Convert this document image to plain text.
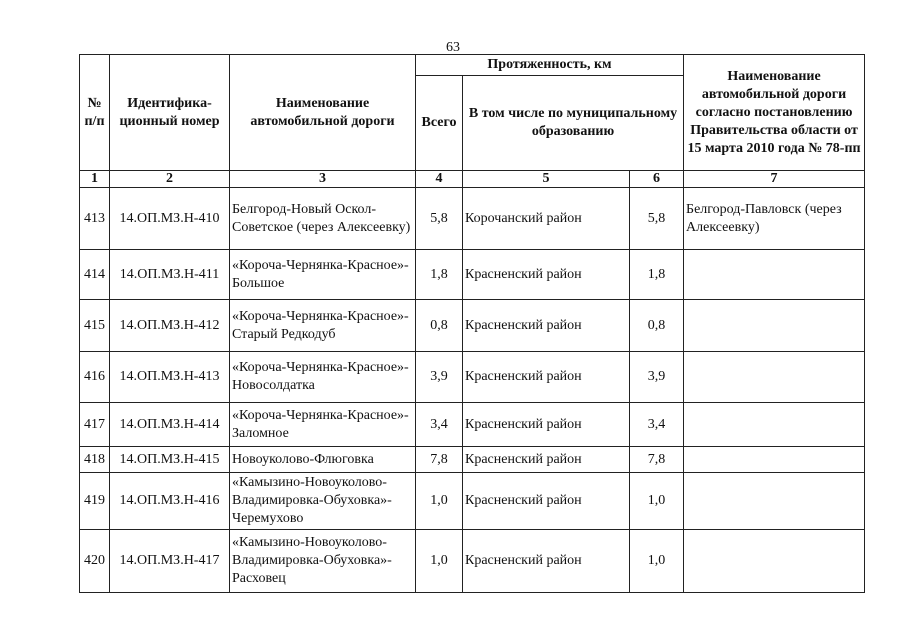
63
№ п/п	Идентифика-ционный номер	Наименование автомобильной дороги	Протяженность, км			Наименование автомобильной дороги согласно постановлению Правительства области от 15 марта 2010 года № 78-пп
			Всего	В том числе по муниципальному образованию		
1	2	3	4	5	6	7
413	14.ОП.МЗ.Н-410	Белгород-Новый Оскол-Советское (через Алексеевку)	5,8	Корочанский район	5,8	Белгород-Павловск (через Алексеевку)
414	14.ОП.МЗ.Н-411	«Короча-Чернянка-Красное»-Большое	1,8	Красненский район	1,8	
415	14.ОП.МЗ.Н-412	«Короча-Чернянка-Красное»-Старый Редкодуб	0,8	Красненский район	0,8	
416	14.ОП.МЗ.Н-413	«Короча-Чернянка-Красное»-Новосолдатка	3,9	Красненский район	3,9	
417	14.ОП.МЗ.Н-414	«Короча-Чернянка-Красное»-Заломное	3,4	Красненский район	3,4	
418	14.ОП.МЗ.Н-415	Новоуколово-Флюговка	7,8	Красненский район	7,8	
419	14.ОП.МЗ.Н-416	«Камызино-Новоуколово-Владимировка-Обуховка»-Черемухово	1,0	Красненский район	1,0	
420	14.ОП.МЗ.Н-417	«Камызино-Новоуколово-Владимировка-Обуховка»-Расховец	1,0	Красненский район	1,0	
